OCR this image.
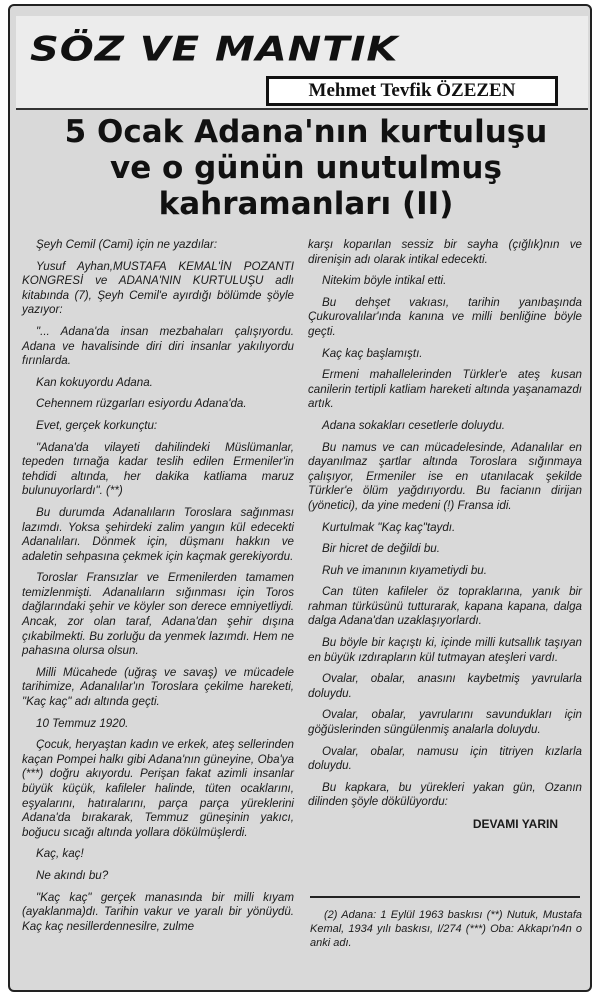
SÖZ VE MANTIK
Mehmet Tevfik ÖZEZEN
5 Ocak Adana'nın kurtuluşu
ve o günün unutulmuş
kahramanları (II)

Şeyh Cemil (Cami) için ne yazdılar:

Yusuf Ayhan,MUSTAFA KEMAL'İN POZANTI KONGRESİ ve ADANA'NIN KURTULUŞU adlı kitabında (7), Şeyh Cemil'e ayırdığı bölümde şöyle yazıyor:

"... Adana'da insan mezbahaları çalışıyordu. Adana ve havalisinde diri diri insanlar yakılıyordu fırınlarda.

Kan kokuyordu Adana.

Cehennem rüzgarları esiyordu Adana'da.

Evet, gerçek korkunçtu:

"Adana'da vilayeti dahilindeki Müslümanlar, tepeden tırnağa kadar teslih edilen Ermeniler'in tehdidi altında, her dakika katliama maruz bulunuyorlardı". (**)

Bu durumda Adanalıların Toroslara sağınması lazımdı. Yoksa şehirdeki zalim yangın kül edecekti Adanalıları. Dönmek için, düşmanı hakkın ve adaletin sehpasına çekmek için kaçmak gerekiyordu.

Toroslar Fransızlar ve Ermenilerden tamamen temizlenmişti. Adanalıların sığınması için Toros dağlarındaki şehir ve köyler son derece emniyetliydi. Ancak, zor olan taraf, Adana'dan şehir dışına çıkabilmekti. Bu zorluğu da yenmek lazımdı. Hem ne pahasına olursa olsun.

Milli Mücahede (uğraş ve savaş) ve mücadele tarihimize, Adanalılar'ın Toroslara çekilme hareketi, "Kaç kaç" adı altında geçti.

10 Temmuz 1920.

Çocuk, heryaştan kadın ve erkek, ateş sellerinden kaçan Pompei halkı gibi Adana'nın güneyine, Oba'ya (***) doğru akıyordu. Perişan fakat azimli insanlar büyük küçük, kafileler halinde, tüten ocaklarını, eşyalarını, hatıralarını, parça parça yüreklerini Adana'da bırakarak, Temmuz güneşinin yakıcı, boğucu sıcağı altında yollara dökülmüşlerdi.

Kaç, kaç!

Ne akındı bu?

"Kaç kaç" gerçek manasında bir milli kıyam (ayaklanma)dı. Tarihin vakur ve yaralı bir yönüydü. Kaç kaç nesillerdennesilre, zulme

karşı koparılan sessiz bir sayha (çığlık)nın ve direnişin adı olarak intikal edecekti.

Nitekim böyle intikal etti.

Bu dehşet vakıası, tarihin yanıbaşında Çukurovalılar'ında kanına ve milli benliğine böyle geçti.

Kaç kaç başlamıştı.

Ermeni mahallelerinden Türkler'e ateş kusan canilerin tertipli katliam hareketi altında yaşanamazdı artık.

Adana sokakları cesetlerle doluydu.

Bu namus ve can mücadelesinde, Adanalılar en dayanılmaz şartlar altında Toroslara sığınmaya çalışıyor, Ermeniler ise en utanılacak şekilde Türkler'e ölüm yağdırıyordu. Bu facianın dirijan (yönetici), da yine medeni (!) Fransa idi.

Kurtulmak "Kaç kaç"taydı.

Bir hicret de değildi bu.

Ruh ve imanının kıyametiydi bu.

Can tüten kafileler öz topraklarına, yanık bir rahman türküsünü tutturarak, kapana kapana, dalga dalga Adana'dan uzaklaşıyorlardı.

Bu böyle bir kaçıştı ki, içinde milli kutsallık taşıyan en büyük ızdırapların kül tutmayan ateşleri vardı.

Ovalar, obalar, anasını kaybetmiş yavrularla doluydu.

Ovalar, obalar, yavrularını savundukları için göğüslerinden süngülenmiş analarla doluydu.

Ovalar, obalar, namusu için titriyen kızlarla doluydu.

Bu kapkara, bu yürekleri yakan gün, Ozanın dilinden şöyle dökülüyordu:

DEVAMI YARIN

(2) Adana: 1 Eylül 1963 baskısı (**) Nutuk, Mustafa Kemal, 1934 yılı baskısı, I/274 (***) Oba: Akkapı'n4n o anki adı.
